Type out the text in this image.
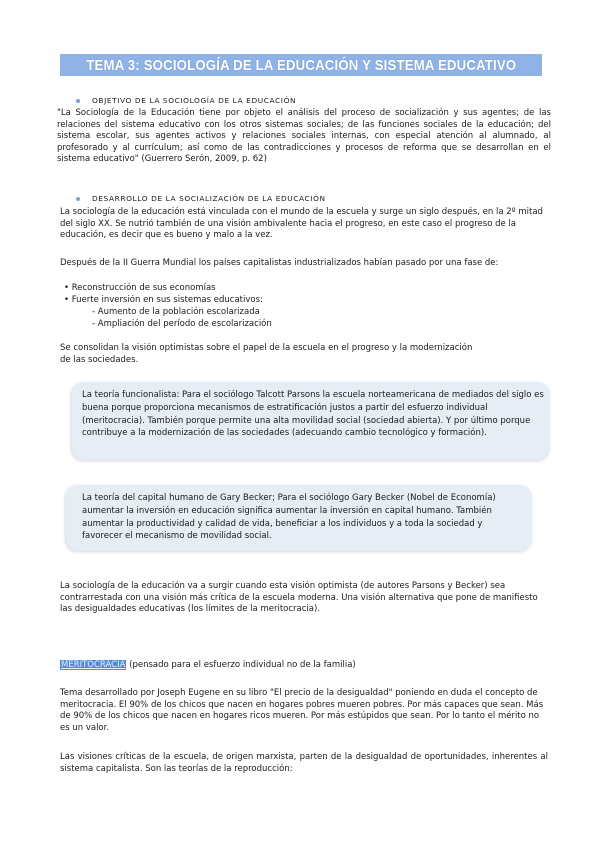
TEMA 3: SOCIOLOGÍA DE LA EDUCACIÓN Y SISTEMA EDUCATIVO
OBJETIVO DE LA SOCIOLOGÍA DE LA EDUCACIÓN
"La Sociología de la Educación tiene por objeto el análisis del proceso de socialización y sus agentes; de las relaciones del sistema educativo con los otros sistemas sociales; de las funciones sociales de la educación; del sistema escolar, sus agentes activos y relaciones sociales internas, con especial atención al alumnado, al profesorado y al currículum; así como de las contradicciones y procesos de reforma que se desarrollan en el sistema educativo" (Guerrero Serón, 2009, p. 62)
DESARROLLO DE LA SOCIALIZACIÓN DE LA EDUCACIÓN
La sociología de la educación está vinculada con el mundo de la escuela y surge un siglo después, en la 2º mitad del siglo XX. Se nutrió también de una visión ambivalente hacia el progreso, en este caso el progreso de la educación, es decir que es bueno y malo a la vez.
Después de la II Guerra Mundial los países capitalistas industrializados habían pasado por una fase de:
• Reconstrucción de sus economías
• Fuerte inversión en sus sistemas educativos:
- Aumento de la población escolarizada
- Ampliación del período de escolarización
Se consolidan la visión optimistas sobre el papel de la escuela en el progreso y la modernización de las sociedades.
La teoría funcionalista: Para el sociólogo Talcott Parsons la escuela norteamericana de mediados del siglo es buena porque proporciona mecanismos de estratificación justos a partir del esfuerzo individual (meritocracia). También porque permite una alta movilidad social (sociedad abierta). Y por último porque contribuye a la modernización de las sociedades (adecuando cambio tecnológico y formación).
La teoría del capital humano de Gary Becker; Para el sociólogo Gary Becker (Nobel de Economía) aumentar la inversión en educación significa aumentar la inversión en capital humano. También aumentar la productividad y calidad de vida, beneficiar a los individuos y a toda la sociedad y favorecer el mecanismo de movilidad social.
La sociología de la educación va a surgir cuando esta visión optimista (de autores Parsons y Becker) sea contrarrestada con una visión más crítica de la escuela moderna. Una visión alternativa que pone de manifiesto las desigualdades educativas (los límites de la meritocracia).
MERITOCRACIA (pensado para el esfuerzo individual no de la familia)
Tema desarrollado por Joseph Eugene en su libro "El precio de la desigualdad" poniendo en duda el concepto de meritocracia. El 90% de los chicos que nacen en hogares pobres mueren pobres. Por más capaces que sean. Más de 90% de los chicos que nacen en hogares ricos mueren. Por más estúpidos que sean. Por lo tanto el mérito no es un valor.
Las visiones críticas de la escuela, de origen marxista, parten de la desigualdad de oportunidades, inherentes al sistema capitalista. Son las teorías de la reproducción:
